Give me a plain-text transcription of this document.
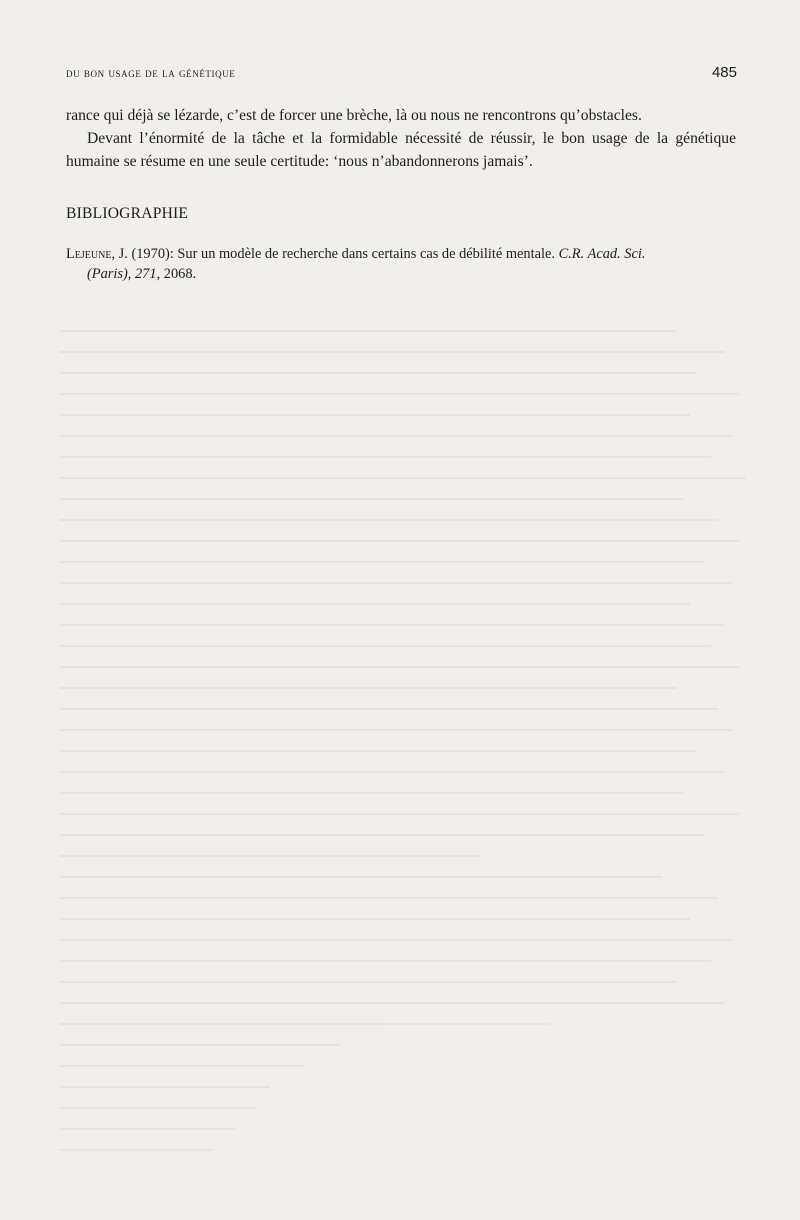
du bon usage de la génétique	485

rance qui déjà se lézarde, c’est de forcer une brèche, là ou nous ne rencontrons qu’obstacles.

Devant l’énormité de la tâche et la formidable nécessité de réussir, le bon usage de la génétique humaine se résume en une seule certitude: ‘nous n’abandonnerons jamais’.

BIBLIOGRAPHIE
Lejeune, J. (1970): Sur un modèle de recherche dans certains cas de débilité mentale. C.R. Acad. Sci.
(Paris), 271, 2068.
